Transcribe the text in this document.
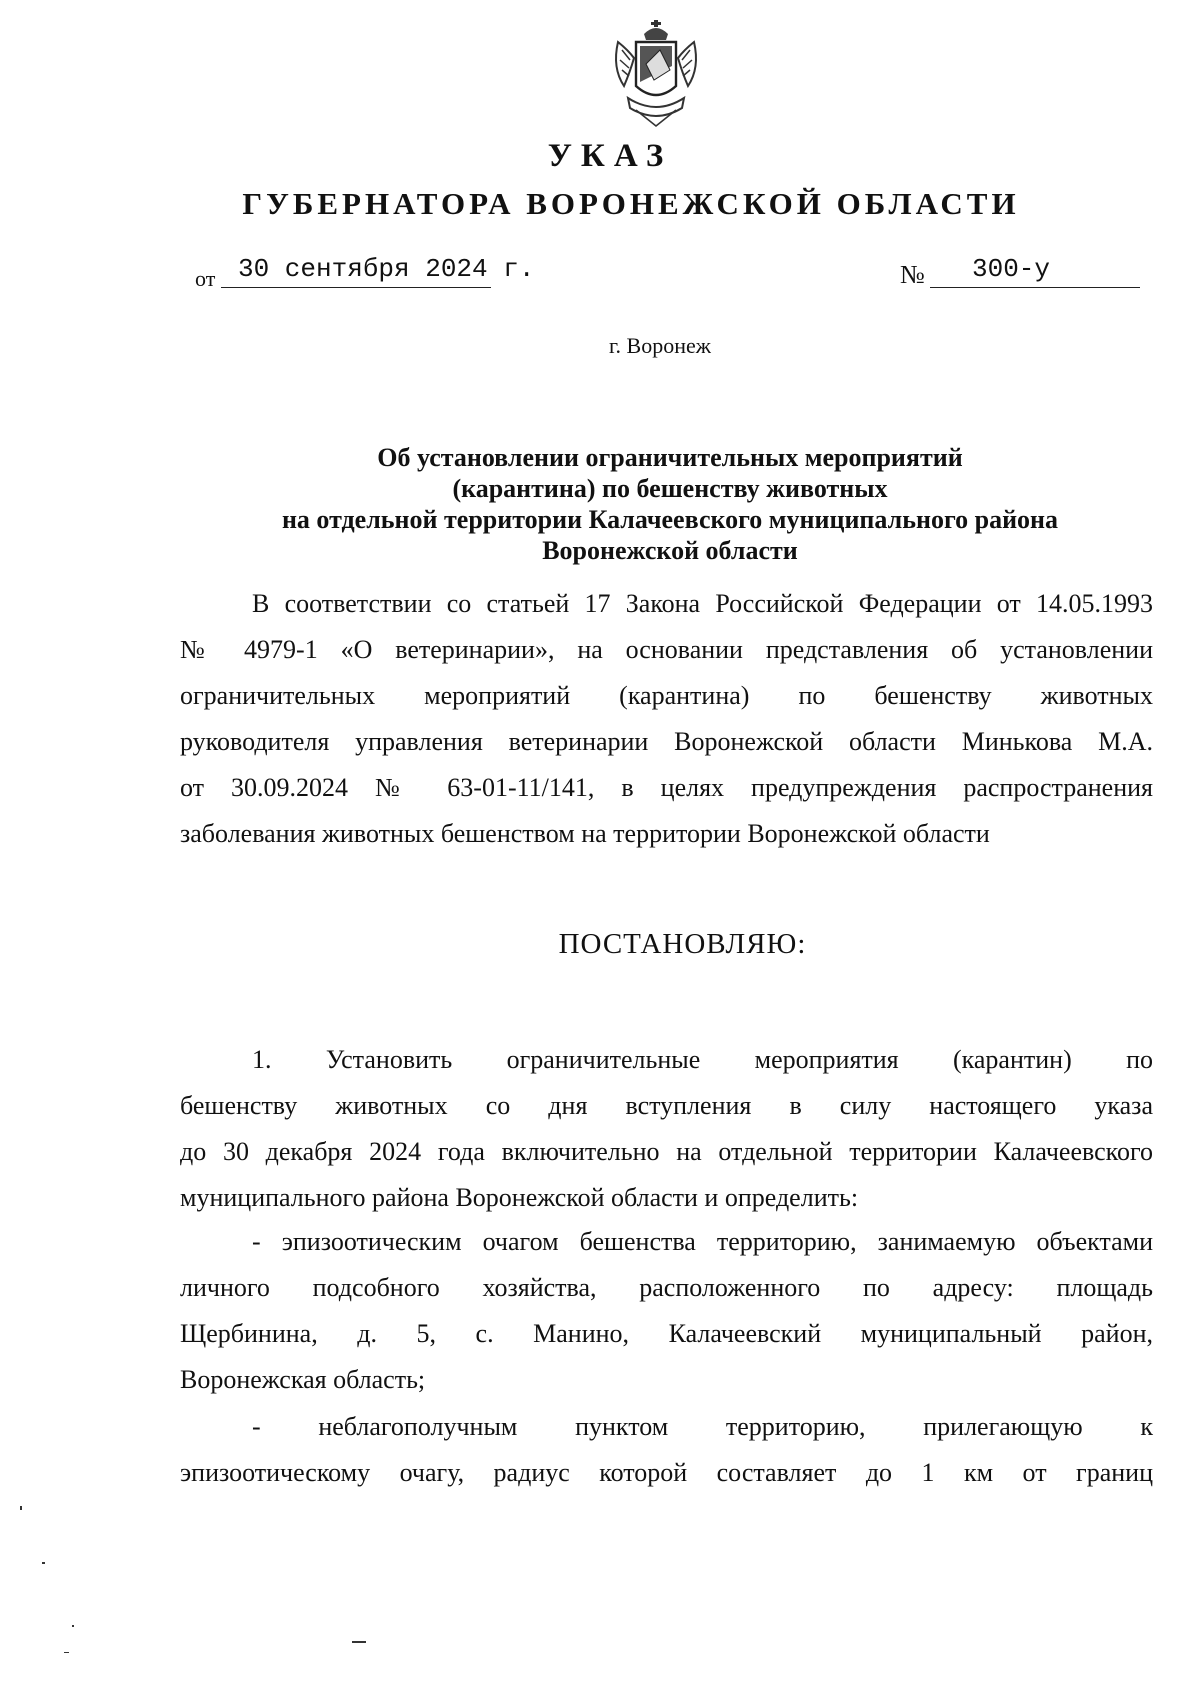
УКАЗ
ГУБЕРНАТОРА ВОРОНЕЖСКОЙ ОБЛАСТИ
от 30 сентября 2024 г.	№ 300-у
г. Воронеж
Об установлении ограничительных мероприятий
(карантина) по бешенству животных
на отдельной территории Калачеевского муниципального района
Воронежской области
В соответствии со статьей 17 Закона Российской Федерации от 14.05.1993
№ 4979-1 «О ветеринарии», на основании представления об установлении
ограничительных мероприятий (карантина) по бешенству животных
руководителя управления ветеринарии Воронежской области Минькова М.А.
от 30.09.2024 № 63-01-11/141, в целях предупреждения распространения
заболевания животных бешенством на территории Воронежской области
ПОСТАНОВЛЯЮ:
1. Установить ограничительные мероприятия (карантин) по
бешенству животных со дня вступления в силу настоящего указа
до 30 декабря 2024 года включительно на отдельной территории Калачеевского
муниципального района Воронежской области и определить:
- эпизоотическим очагом бешенства территорию, занимаемую объектами
личного подсобного хозяйства, расположенного по адресу: площадь
Щербинина, д. 5, с. Манино, Калачеевский муниципальный район,
Воронежская область;
- неблагополучным пунктом территорию, прилегающую к
эпизоотическому очагу, радиус которой составляет до 1 км от границ
